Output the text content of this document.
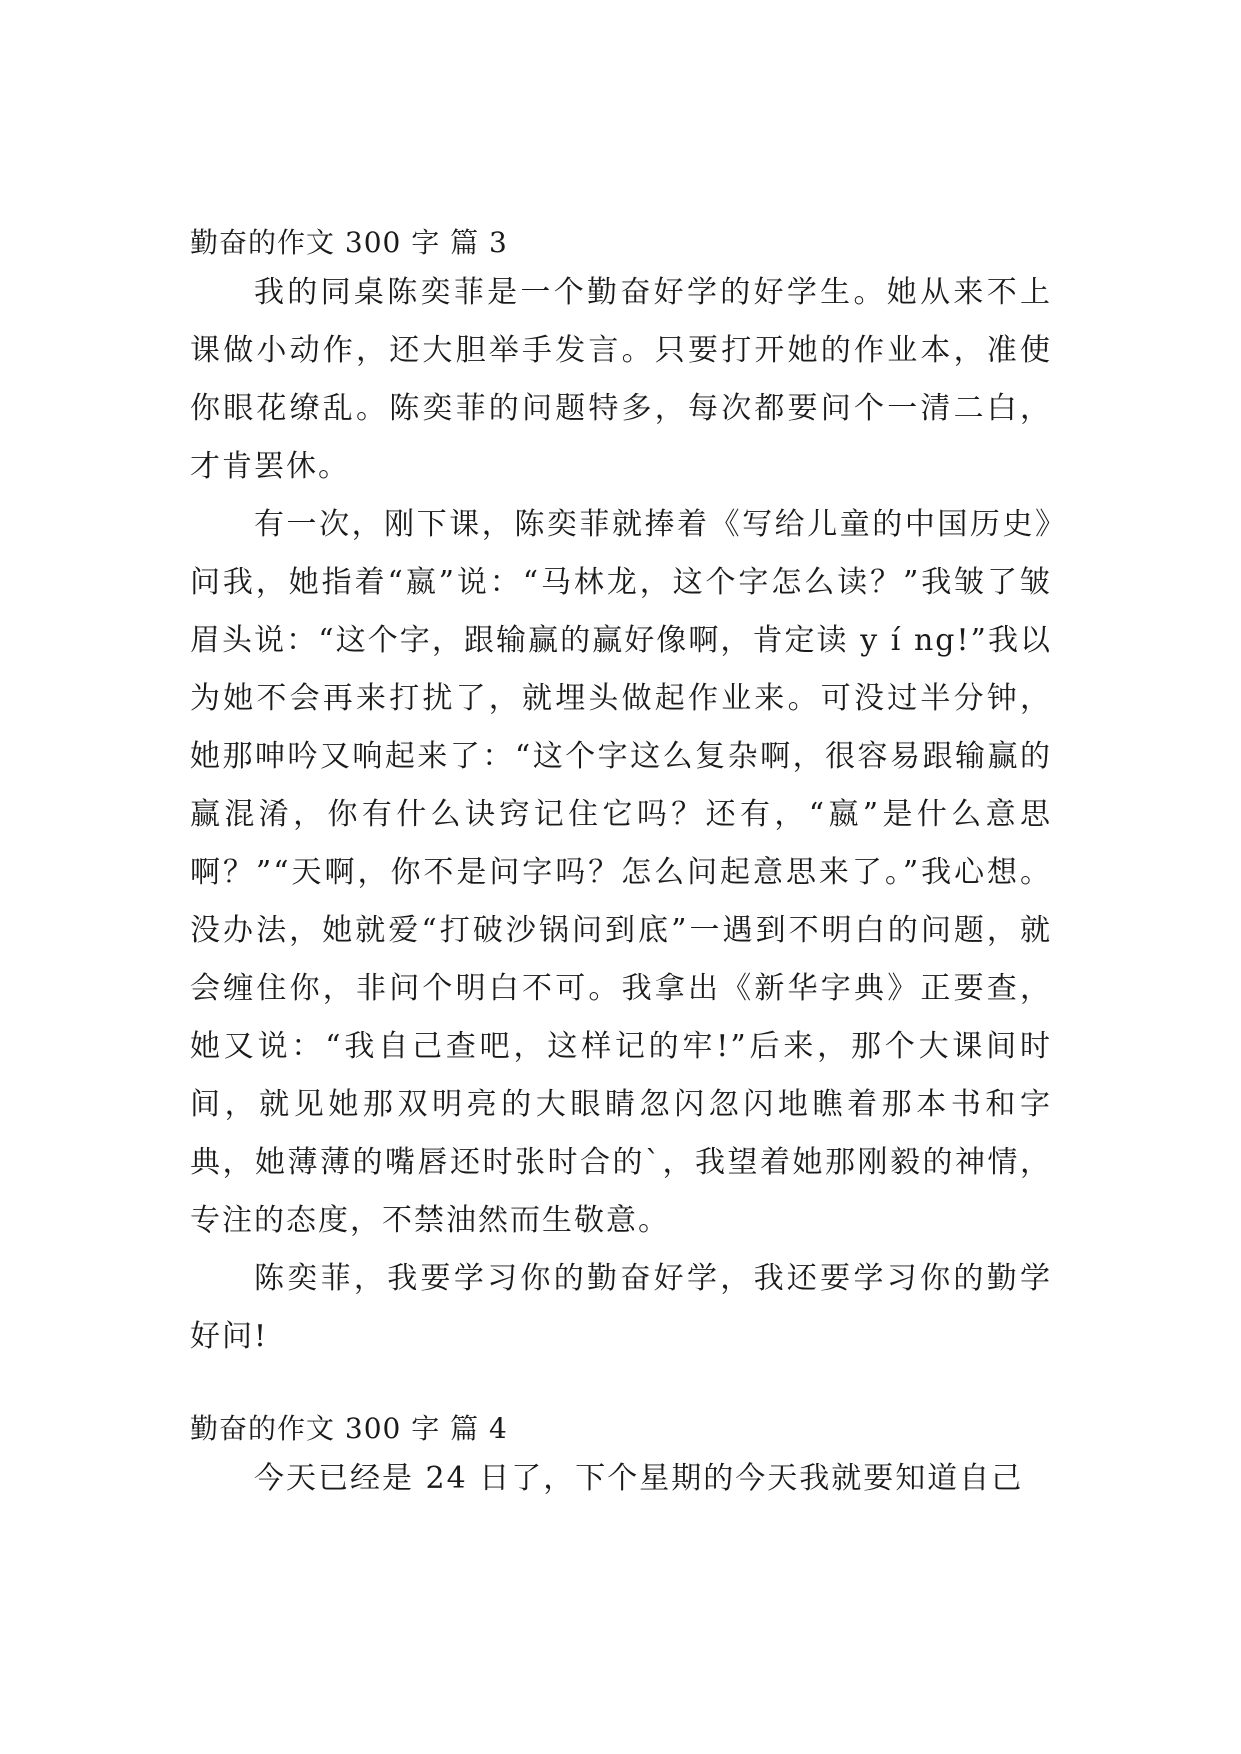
勤奋的作文 300 字 篇 3

我的同桌陈奕菲是一个勤奋好学的好学生。她从来不上课做小动作，还大胆举手发言。只要打开她的作业本，准使你眼花缭乱。陈奕菲的问题特多，每次都要问个一清二白，才肯罢休。

有一次，刚下课，陈奕菲就捧着《写给儿童的中国历史》问我，她指着“嬴”说：“马林龙，这个字怎么读？”我皱了皱眉头说：“这个字，跟输赢的赢好像啊，肯定读 y í ng!”我以为她不会再来打扰了，就埋头做起作业来。可没过半分钟，她那呻吟又响起来了：“这个字这么复杂啊，很容易跟输赢的赢混淆，你有什么诀窍记住它吗？还有，“嬴”是什么意思啊？”“天啊，你不是问字吗？怎么问起意思来了。”我心想。没办法，她就爱“打破沙锅问到底”一遇到不明白的问题，就会缠住你，非问个明白不可。我拿出《新华字典》正要查，她又说：“我自己查吧，这样记的牢!”后来，那个大课间时间，就见她那双明亮的大眼睛忽闪忽闪地瞧着那本书和字典，她薄薄的嘴唇还时张时合的`，我望着她那刚毅的神情，专注的态度，不禁油然而生敬意。

陈奕菲，我要学习你的勤奋好学，我还要学习你的勤学好问!

勤奋的作文 300 字 篇 4

今天已经是 24 日了，下个星期的今天我就要知道自己
